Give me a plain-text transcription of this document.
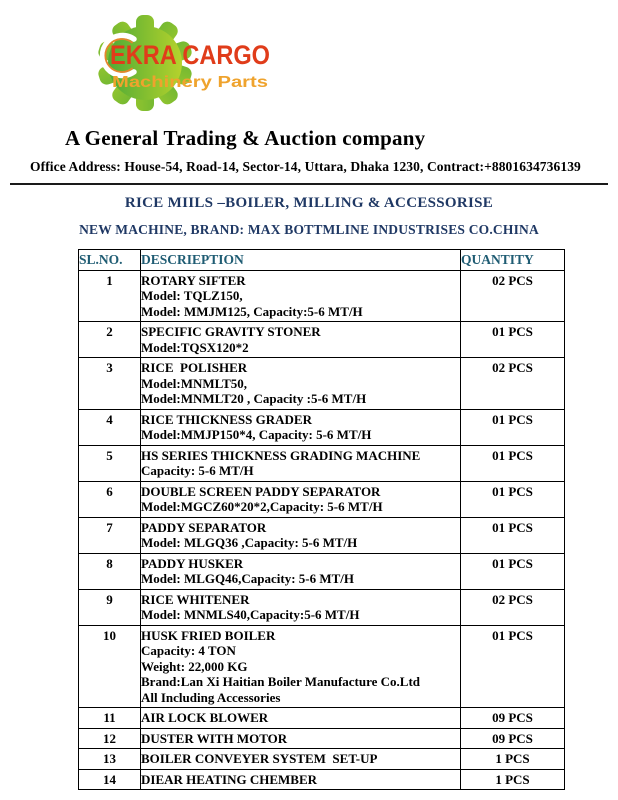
EKRA CARGO
Machinery Parts
A General Trading & Auction company
Office Address: House-54, Road-14, Sector-14, Uttara, Dhaka 1230, Contract:+8801634736139
RICE MIILS –BOILER, MILLING & ACCESSORISE
NEW MACHINE, BRAND: MAX BOTTMLINE INDUSTRISES CO.CHINA
SL.NO.	DESCRIEPTION	QUANTITY
1	ROTARY SIFTER
Model: TQLZ150,
Model: MMJM125, Capacity:5-6 MT/H	02 PCS
2	SPECIFIC GRAVITY STONER
Model:TQSX120*2	01 PCS
3	RICE  POLISHER
Model:MNMLT50,
Model:MNMLT20 , Capacity :5-6 MT/H	02 PCS
4	RICE THICKNESS GRADER
Model:MMJP150*4, Capacity: 5-6 MT/H	01 PCS
5	HS SERIES THICKNESS GRADING MACHINE
Capacity: 5-6 MT/H	01 PCS
6	DOUBLE SCREEN PADDY SEPARATOR
Model:MGCZ60*20*2,Capacity: 5-6 MT/H	01 PCS
7	PADDY SEPARATOR
Model: MLGQ36 ,Capacity: 5-6 MT/H	01 PCS
8	PADDY HUSKER
Model: MLGQ46,Capacity: 5-6 MT/H	01 PCS
9	RICE WHITENER
Model: MNMLS40,Capacity:5-6 MT/H	02 PCS
10	HUSK FRIED BOILER
Capacity: 4 TON
Weight: 22,000 KG
Brand:Lan Xi Haitian Boiler Manufacture Co.Ltd
All Including Accessories	01 PCS
11	AIR LOCK BLOWER	09 PCS
12	DUSTER WITH MOTOR	09 PCS
13	BOILER CONVEYER SYSTEM  SET-UP	1 PCS
14	DIEAR HEATING CHEMBER	1 PCS
